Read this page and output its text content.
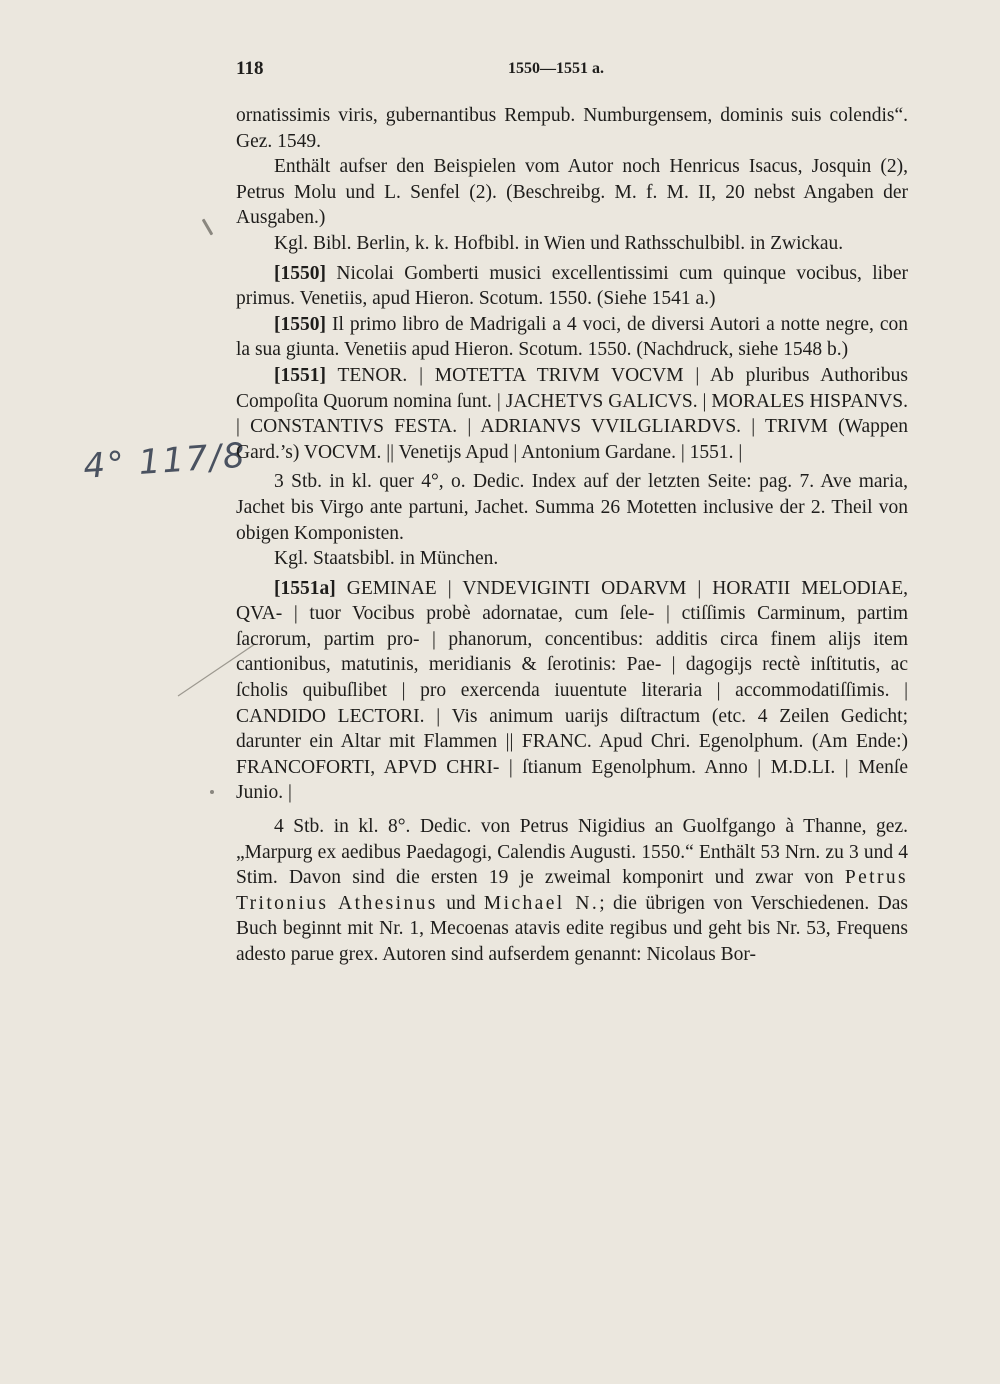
118	1550—1551 a.
4° 117/8

ornatissimis viris, gubernantibus Rempub. Numburgensem, dominis suis colendis“. Gez. 1549.

Enthält aufser den Beispielen vom Autor noch Henricus Isacus, Josquin (2), Petrus Molu und L. Senfel (2). (Beschreibg. M. f. M. II, 20 nebst Angaben der Ausgaben.)

Kgl. Bibl. Berlin, k. k. Hofbibl. in Wien und Rathsschulbibl. in Zwickau.

[1550] Nicolai Gomberti musici excellentissimi cum quinque vocibus, liber primus. Venetiis, apud Hieron. Scotum. 1550. (Siehe 1541 a.)

[1550] Il primo libro de Madrigali a 4 voci, de diversi Autori a notte negre, con la sua giunta. Venetiis apud Hieron. Scotum. 1550. (Nachdruck, siehe 1548 b.)

[1551] TENOR. | MOTETTA TRIVM VOCVM | Ab pluribus Authoribus Compoſita Quorum nomina ſunt. | JACHETVS GALICVS. | MORALES HISPANVS. | CONSTANTIVS FESTA. | ADRIANVS VVILGLIARDVS. | TRIVM (Wappen Gard.’s) VOCVM. || Venetijs Apud | Antonium Gardane. | 1551. |

3 Stb. in kl. quer 4°, o. Dedic. Index auf der letzten Seite: pag. 7. Ave maria, Jachet bis Virgo ante partuni, Jachet. Summa 26 Motetten inclusive der 2. Theil von obigen Komponisten.

Kgl. Staatsbibl. in München.

[1551a] GEMINAE | VNDEVIGINTI ODARVM | HORATII MELODIAE, QVA- | tuor Vocibus probè adornatae, cum ſele- | ctiſſimis Carminum, partim ſacrorum, partim pro- | phanorum, concentibus: additis circa finem alijs item cantionibus, matutinis, meridianis & ſerotinis: Pae- | dagogijs rectè inſtitutis, ac ſcholis quibuſlibet | pro exercenda iuuentute literaria | accommodatiſſimis. | CANDIDO LECTORI. | Vis animum uarijs diſtractum (etc. 4 Zeilen Gedicht; darunter ein Altar mit Flammen || FRANC. Apud Chri. Egenolphum. (Am Ende:) FRANCOFORTI, APVD CHRI- | ſtianum Egenolphum. Anno | M.D.LI. | Menſe Junio. |

4 Stb. in kl. 8°. Dedic. von Petrus Nigidius an Guolfgango à Thanne, gez. „Marpurg ex aedibus Paedagogi, Calendis Augusti. 1550.“ Enthält 53 Nrn. zu 3 und 4 Stim. Davon sind die ersten 19 je zweimal komponirt und zwar von Petrus Tritonius Athesinus und Michael N.; die übrigen von Verschiedenen. Das Buch beginnt mit Nr. 1, Mecoenas atavis edite regibus und geht bis Nr. 53, Frequens adesto parue grex. Autoren sind aufserdem genannt: Nicolaus Bor-
